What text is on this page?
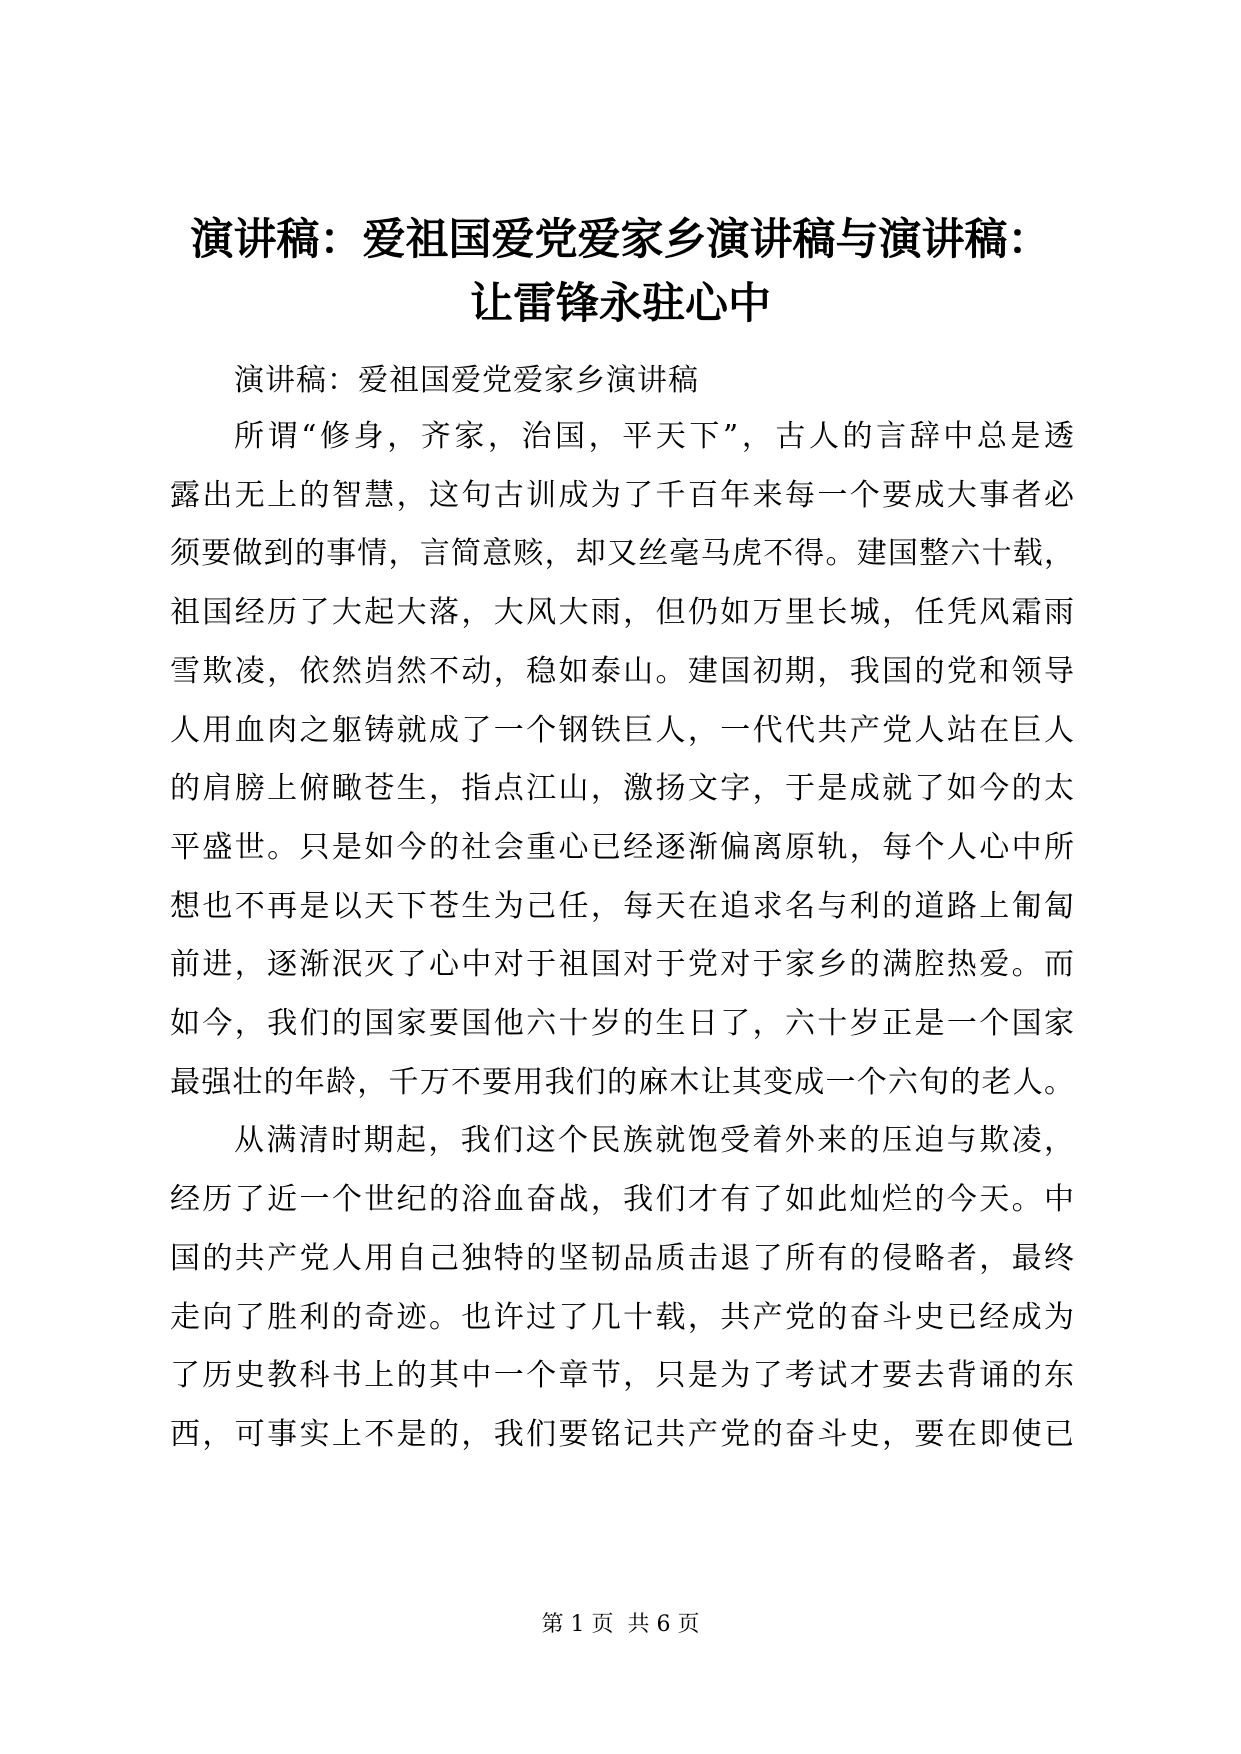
演讲稿：爱祖国爱党爱家乡演讲稿与演讲稿：
让雷锋永驻心中

演讲稿：爱祖国爱党爱家乡演讲稿

所谓“修身，齐家，治国，平天下”，古人的言辞中总是透
露出无上的智慧，这句古训成为了千百年来每一个要成大事者必
须要做到的事情，言简意赅，却又丝毫马虎不得。建国整六十载，
祖国经历了大起大落，大风大雨，但仍如万里长城，任凭风霜雨
雪欺凌，依然岿然不动，稳如泰山。建国初期，我国的党和领导
人用血肉之躯铸就成了一个钢铁巨人，一代代共产党人站在巨人
的肩膀上俯瞰苍生，指点江山，激扬文字，于是成就了如今的太
平盛世。只是如今的社会重心已经逐渐偏离原轨，每个人心中所
想也不再是以天下苍生为己任，每天在追求名与利的道路上匍匐
前进，逐渐泯灭了心中对于祖国对于党对于家乡的满腔热爱。而
如今，我们的国家要国他六十岁的生日了，六十岁正是一个国家
最强壮的年龄，千万不要用我们的麻木让其变成一个六旬的老人。

从满清时期起，我们这个民族就饱受着外来的压迫与欺凌，
经历了近一个世纪的浴血奋战，我们才有了如此灿烂的今天。中
国的共产党人用自己独特的坚韧品质击退了所有的侵略者，最终
走向了胜利的奇迹。也许过了几十载，共产党的奋斗史已经成为
了历史教科书上的其中一个章节，只是为了考试才要去背诵的东
西，可事实上不是的，我们要铭记共产党的奋斗史，要在即使已

第 1 页 共 6 页
